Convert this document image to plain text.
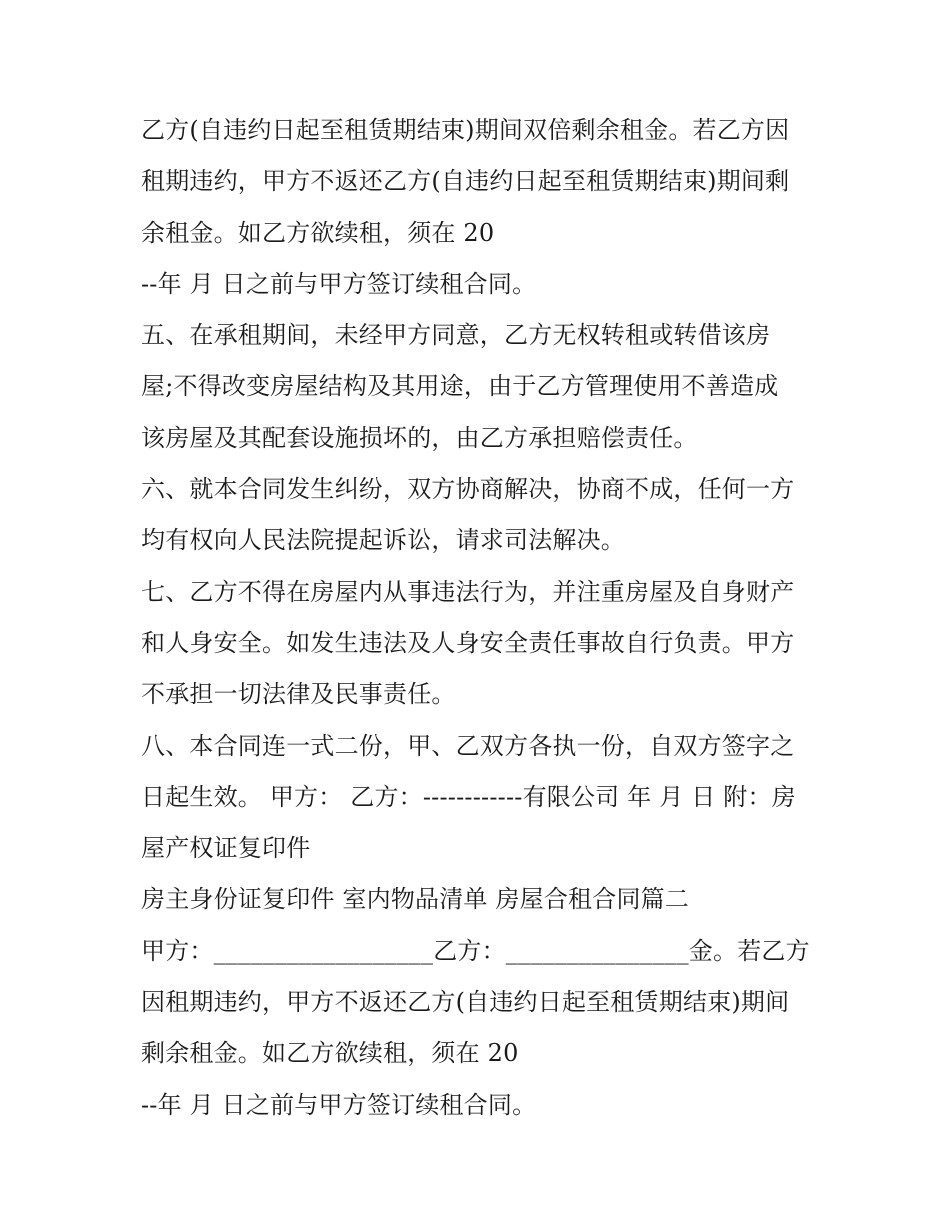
乙方(自违约日起至租赁期结束)期间双倍剩余租金。若乙方因
租期违约，甲方不返还乙方(自违约日起至租赁期结束)期间剩
余租金。如乙方欲续租，须在 20
--年 月 日之前与甲方签订续租合同。
五、在承租期间，未经甲方同意，乙方无权转租或转借该房
屋;不得改变房屋结构及其用途，由于乙方管理使用不善造成
该房屋及其配套设施损坏的，由乙方承担赔偿责任。
六、就本合同发生纠纷，双方协商解决，协商不成，任何一方
均有权向人民法院提起诉讼，请求司法解决。
七、乙方不得在房屋内从事违法行为，并注重房屋及自身财产
和人身安全。如发生违法及人身安全责任事故自行负责。甲方
不承担一切法律及民事责任。
八、本合同连一式二份，甲、乙双方各执一份，自双方签字之
日起生效。 甲方： 乙方：------------有限公司 年 月 日 附：房
屋产权证复印件
房主身份证复印件 室内物品清单 房屋合租合同篇二
甲方：__________________乙方：_______________金。若乙方
因租期违约，甲方不返还乙方(自违约日起至租赁期结束)期间
剩余租金。如乙方欲续租，须在 20
--年 月 日之前与甲方签订续租合同。
